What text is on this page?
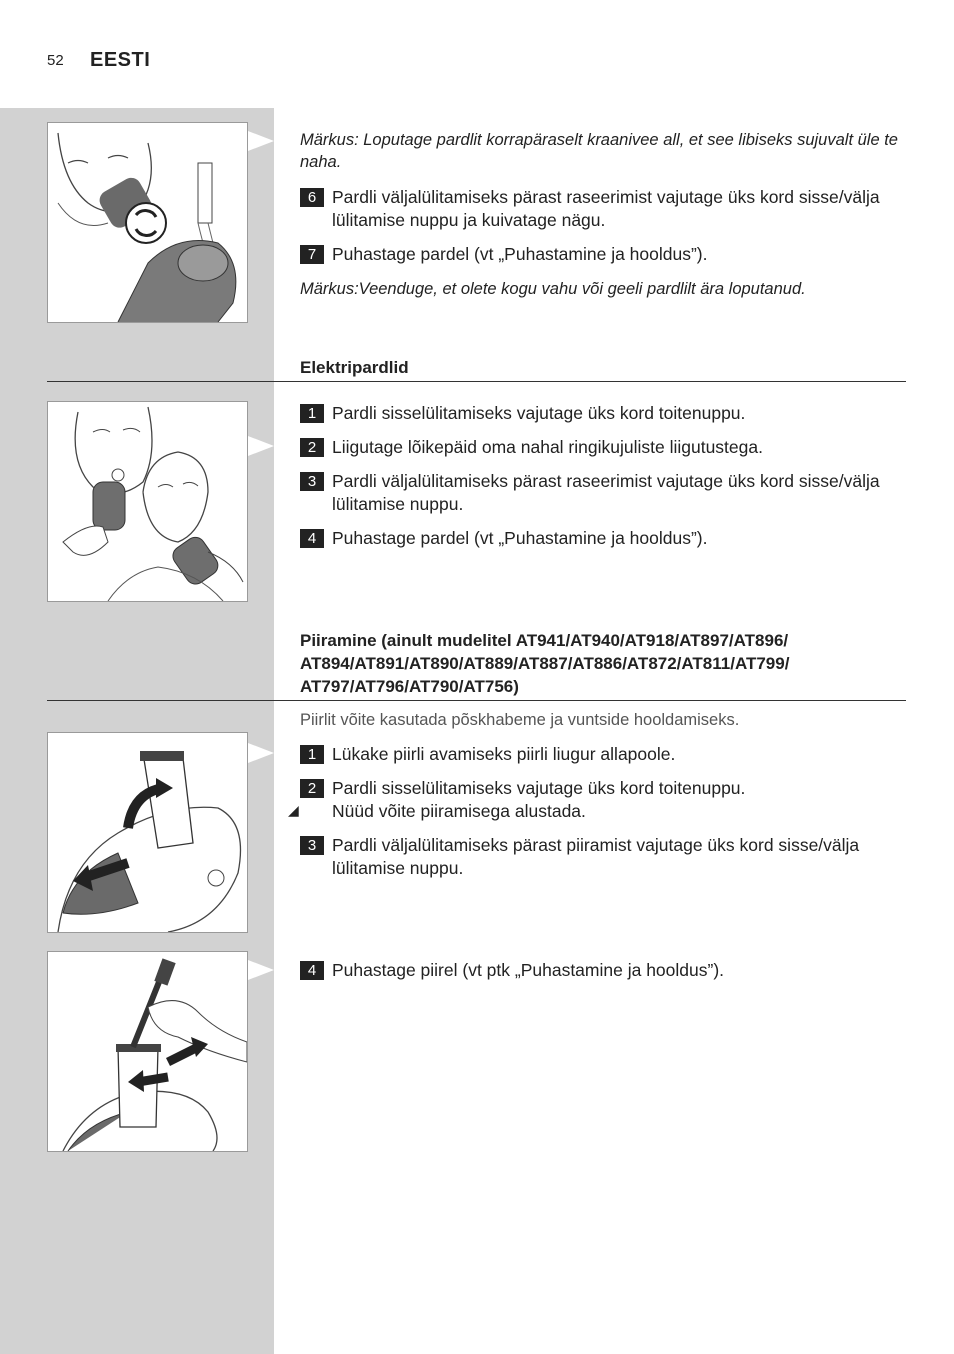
52 EESTI
Märkus: Loputage pardlit korrapäraselt kraanivee all, et see libiseks sujuvalt üle te naha.
6 Pardli väljalülitamiseks pärast raseerimist vajutage üks kord sisse/välja lülitamise nuppu ja kuivatage nägu.
7 Puhastage pardel (vt „Puhastamine ja hooldus”).
Märkus:Veenduge, et olete kogu vahu või geeli pardlilt ära loputanud.
Elektripardlid
1 Pardli sisselülitamiseks vajutage üks kord toitenuppu.
2 Liigutage lõikepäid oma nahal ringikujuliste liigutustega.
3 Pardli väljalülitamiseks pärast raseerimist vajutage üks kord sisse/välja lülitamise nuppu.
4 Puhastage pardel (vt „Puhastamine ja hooldus”).
Piiramine (ainult mudelitel AT941/AT940/AT918/AT897/AT896/
AT894/AT891/AT890/AT889/AT887/AT886/AT872/AT811/AT799/
AT797/AT796/AT790/AT756)
Piirlit võite kasutada põskhabeme ja vuntside hooldamiseks.
1 Lükake piirli avamiseks piirli liugur allapoole.
2 Pardli sisselülitamiseks vajutage üks kord toitenuppu.
◢ Nüüd võite piiramisega alustada.
3 Pardli väljalülitamiseks pärast piiramist vajutage üks kord sisse/välja lülitamise nuppu.
4 Puhastage piirel (vt ptk „Puhastamine ja hooldus”).
